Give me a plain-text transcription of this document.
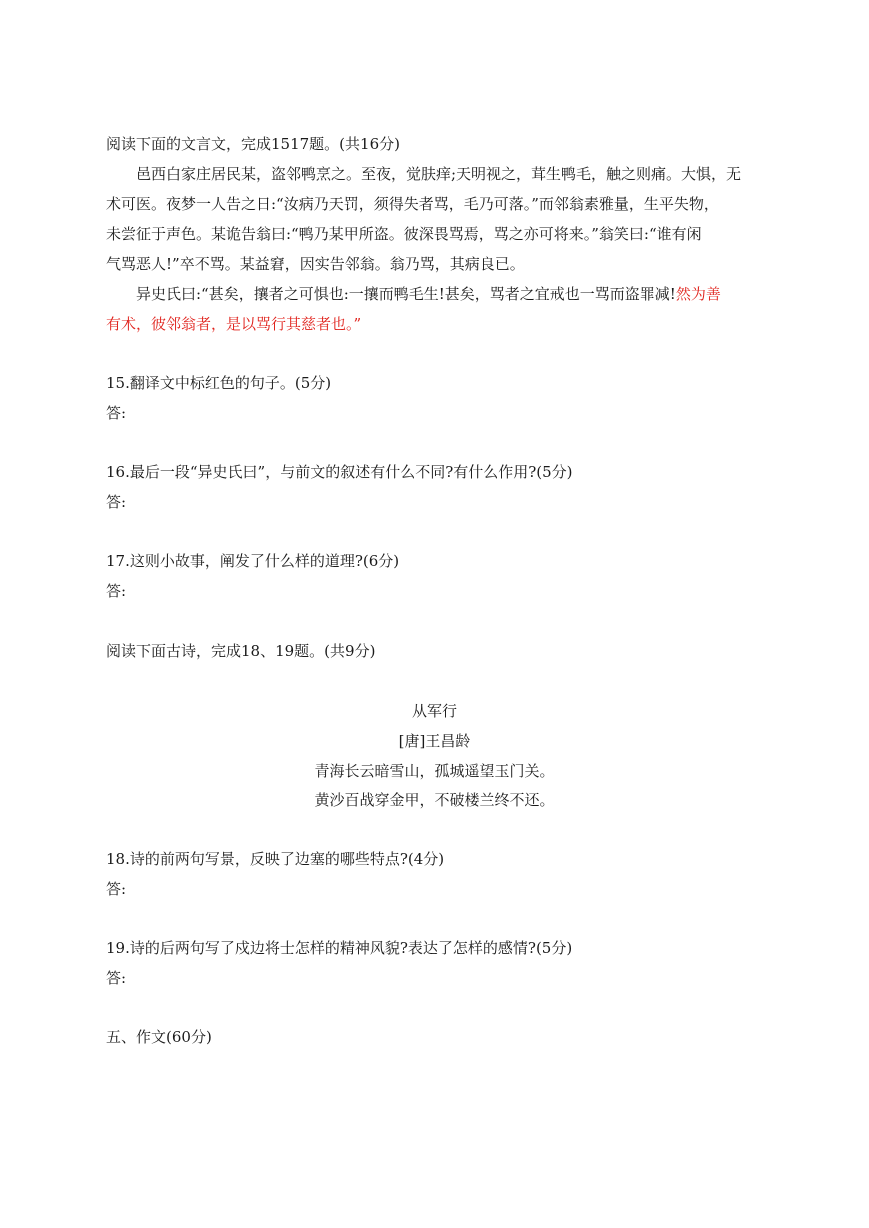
阅读下面的文言文，完成1517题。(共16分)
邑西白家庄居民某，盗邻鸭烹之。至夜，觉肤痒;天明视之，茸生鸭毛，触之则痛。大惧，无
术可医。夜梦一人告之日:“汝病乃天罚，须得失者骂，毛乃可落。”而邻翁素雅量，生平失物，
未尝征于声色。某诡告翁曰:“鸭乃某甲所盗。彼深畏骂焉，骂之亦可将来。”翁笑曰:“谁有闲
气骂恶人!”卒不骂。某益窘，因实告邻翁。翁乃骂，其病良已。
异史氏曰:“甚矣，攘者之可惧也:一攘而鸭毛生!甚矣，骂者之宜戒也一骂而盗罪减!然为善
有术，彼邻翁者，是以骂行其慈者也。”
15.翻译文中标红色的句子。(5分)
答:
16.最后一段“异史氏曰”，与前文的叙述有什么不同?有什么作用?(5分)
答:
17.这则小故事，阐发了什么样的道理?(6分)
答:
阅读下面古诗，完成18、19题。(共9分)
从军行
[唐]王昌龄
青海长云暗雪山，孤城遥望玉门关。
黄沙百战穿金甲，不破楼兰终不还。
18.诗的前两句写景，反映了边塞的哪些特点?(4分)
答:
19.诗的后两句写了戍边将士怎样的精神风貌?表达了怎样的感情?(5分)
答:
五、作文(60分)
